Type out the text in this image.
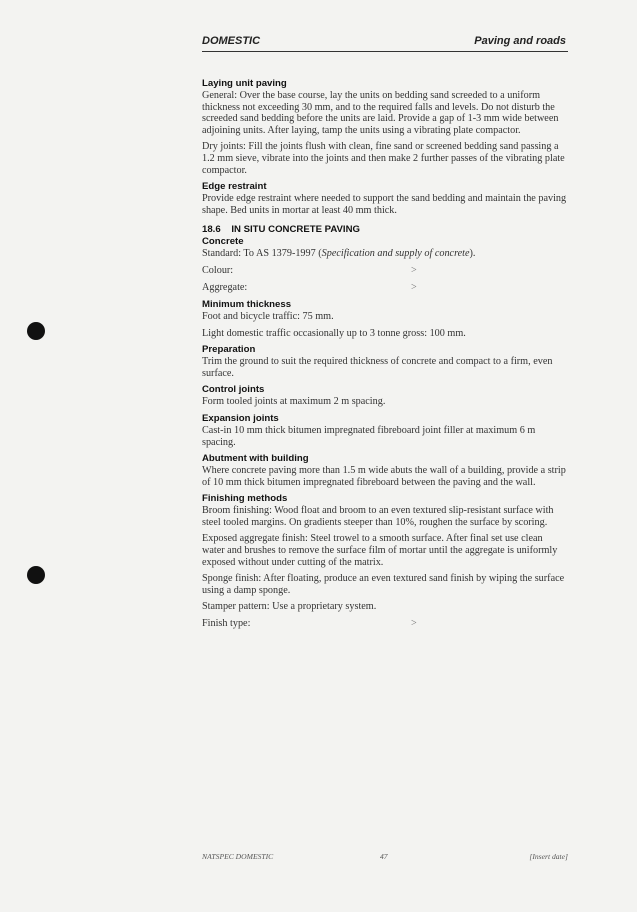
DOMESTIC	Paving and roads
Laying unit paving

General: Over the base course, lay the units on bedding sand screeded to a uniform thickness not exceeding 30 mm, and to the required falls and levels. Do not disturb the screeded sand bedding before the units are laid. Provide a gap of 1-3 mm wide between adjoining units. After laying, tamp the units using a vibrating plate compactor.

Dry joints: Fill the joints flush with clean, fine sand or screened bedding sand passing a 1.2 mm sieve, vibrate into the joints and then make 2 further passes of the vibrating plate compactor.

Edge restraint

Provide edge restraint where needed to support the sand bedding and maintain the paving shape. Bed units in mortar at least 40 mm thick.

18.6 IN SITU CONCRETE PAVING
Concrete

Standard: To AS 1379-1997 (Specification and supply of concrete).

Colour:	>
Aggregate:	>
Minimum thickness

Foot and bicycle traffic: 75 mm.

Light domestic traffic occasionally up to 3 tonne gross: 100 mm.

Preparation

Trim the ground to suit the required thickness of concrete and compact to a firm, even surface.

Control joints

Form tooled joints at maximum 2 m spacing.

Expansion joints

Cast-in 10 mm thick bitumen impregnated fibreboard joint filler at maximum 6 m spacing.

Abutment with building

Where concrete paving more than 1.5 m wide abuts the wall of a building, provide a strip of 10 mm thick bitumen impregnated fibreboard between the paving and the wall.

Finishing methods

Broom finishing: Wood float and broom to an even textured slip-resistant surface with steel tooled margins. On gradients steeper than 10%, roughen the surface by scoring.

Exposed aggregate finish: Steel trowel to a smooth surface. After final set use clean water and brushes to remove the surface film of mortar until the aggregate is uniformly exposed without under cutting of the matrix.

Sponge finish: After floating, produce an even textured sand finish by wiping the surface using a damp sponge.

Stamper pattern: Use a proprietary system.

Finish type:	>
NATSPEC DOMESTIC	47	[Insert date]
